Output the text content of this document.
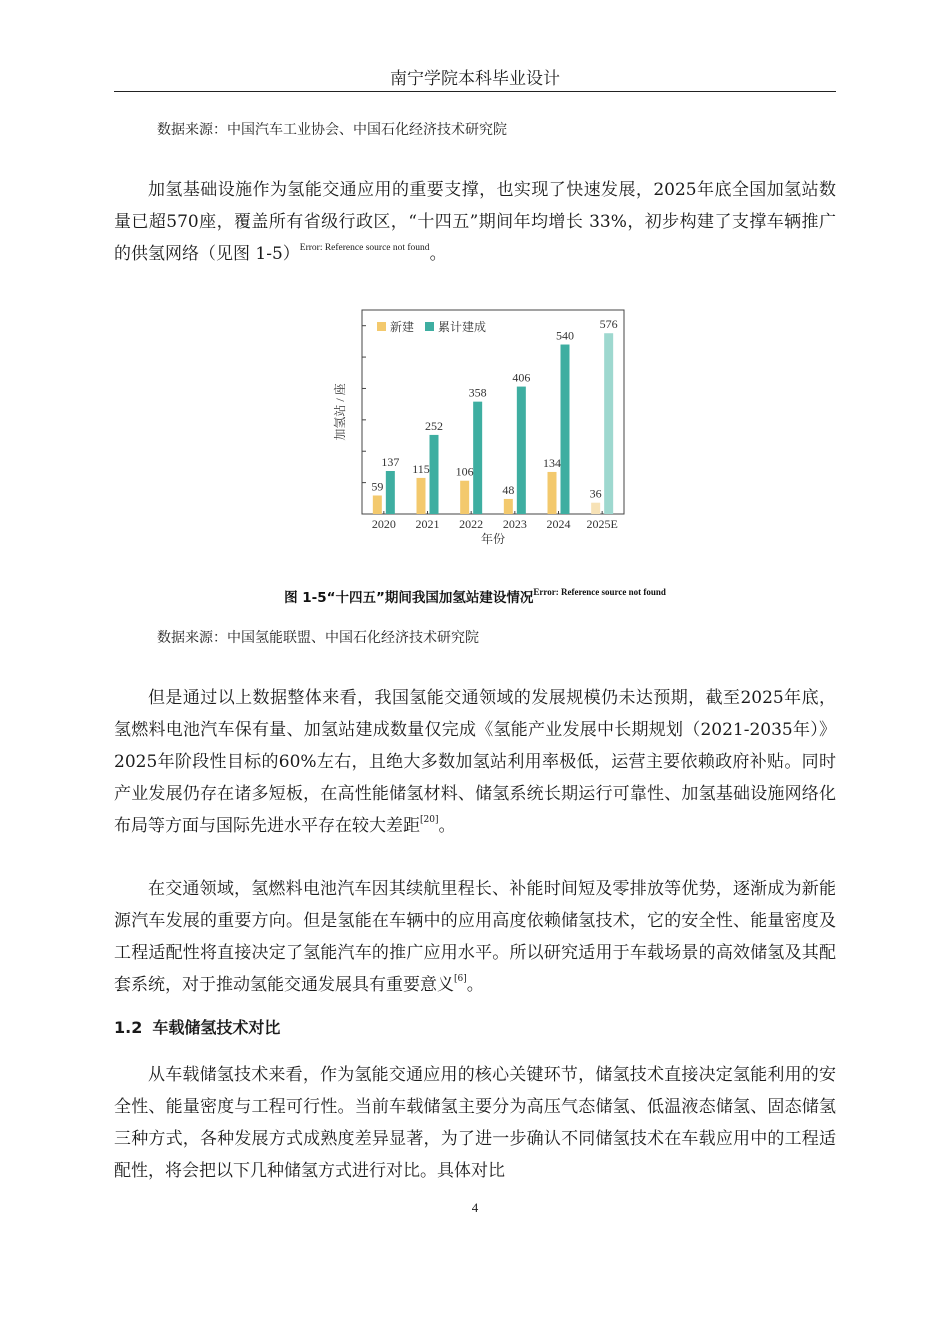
南宁学院本科毕业设计
数据来源：中国汽车工业协会、中国石化经济技术研究院

加氢基础设施作为氢能交通应用的重要支撑，也实现了快速发展，2025年底全国加氢站数量已超570座，覆盖所有省级行政区，“十四五”期间年均增长 33%，初步构建了支撑车辆推广的供氢网络（见图 1-5）$^{Error: Reference source not found}$。

新建 累计建成
59
137 115
252
106
358
48
406
134
540
36
576
2020 2021 2022 2023 2024 2025E
年份
加氢站 / 座
图 1-5“十四五”期间我国加氢站建设情况$^{Error: Reference source not found}$
数据来源：中国氢能联盟、中国石化经济技术研究院

但是通过以上数据整体来看，我国氢能交通领域的发展规模仍未达预期，截至2025年底，氢燃料电池汽车保有量、加氢站建成数量仅完成《氢能产业发展中长期规划（2021-2035年）》2025年阶段性目标的60%左右，且绝大多数加氢站利用率极低，运营主要依赖政府补贴。同时产业发展仍存在诸多短板，在高性能储氢材料、储氢系统长期运行可靠性、加氢基础设施网络化布局等方面与国际先进水平存在较大差距[20]。

在交通领域，氢燃料电池汽车因其续航里程长、补能时间短及零排放等优势，逐渐成为新能源汽车发展的重要方向。但是氢能在车辆中的应用高度依赖储氢技术，它的安全性、能量密度及工程适配性将直接决定了氢能汽车的推广应用水平。所以研究适用于车载场景的高效储氢及其配套系统，对于推动氢能交通发展具有重要意义[6]。

1.2 车载储氢技术对比

从车载储氢技术来看，作为氢能交通应用的核心关键环节，储氢技术直接决定氢能利用的安全性、能量密度与工程可行性。当前车载储氢主要分为高压气态储氢、低温液态储氢、固态储氢三种方式，各种发展方式成熟度差异显著，为了进一步确认不同储氢技术在车载应用中的工程适配性，将会把以下几种储氢方式进行对比。具体对比

4
